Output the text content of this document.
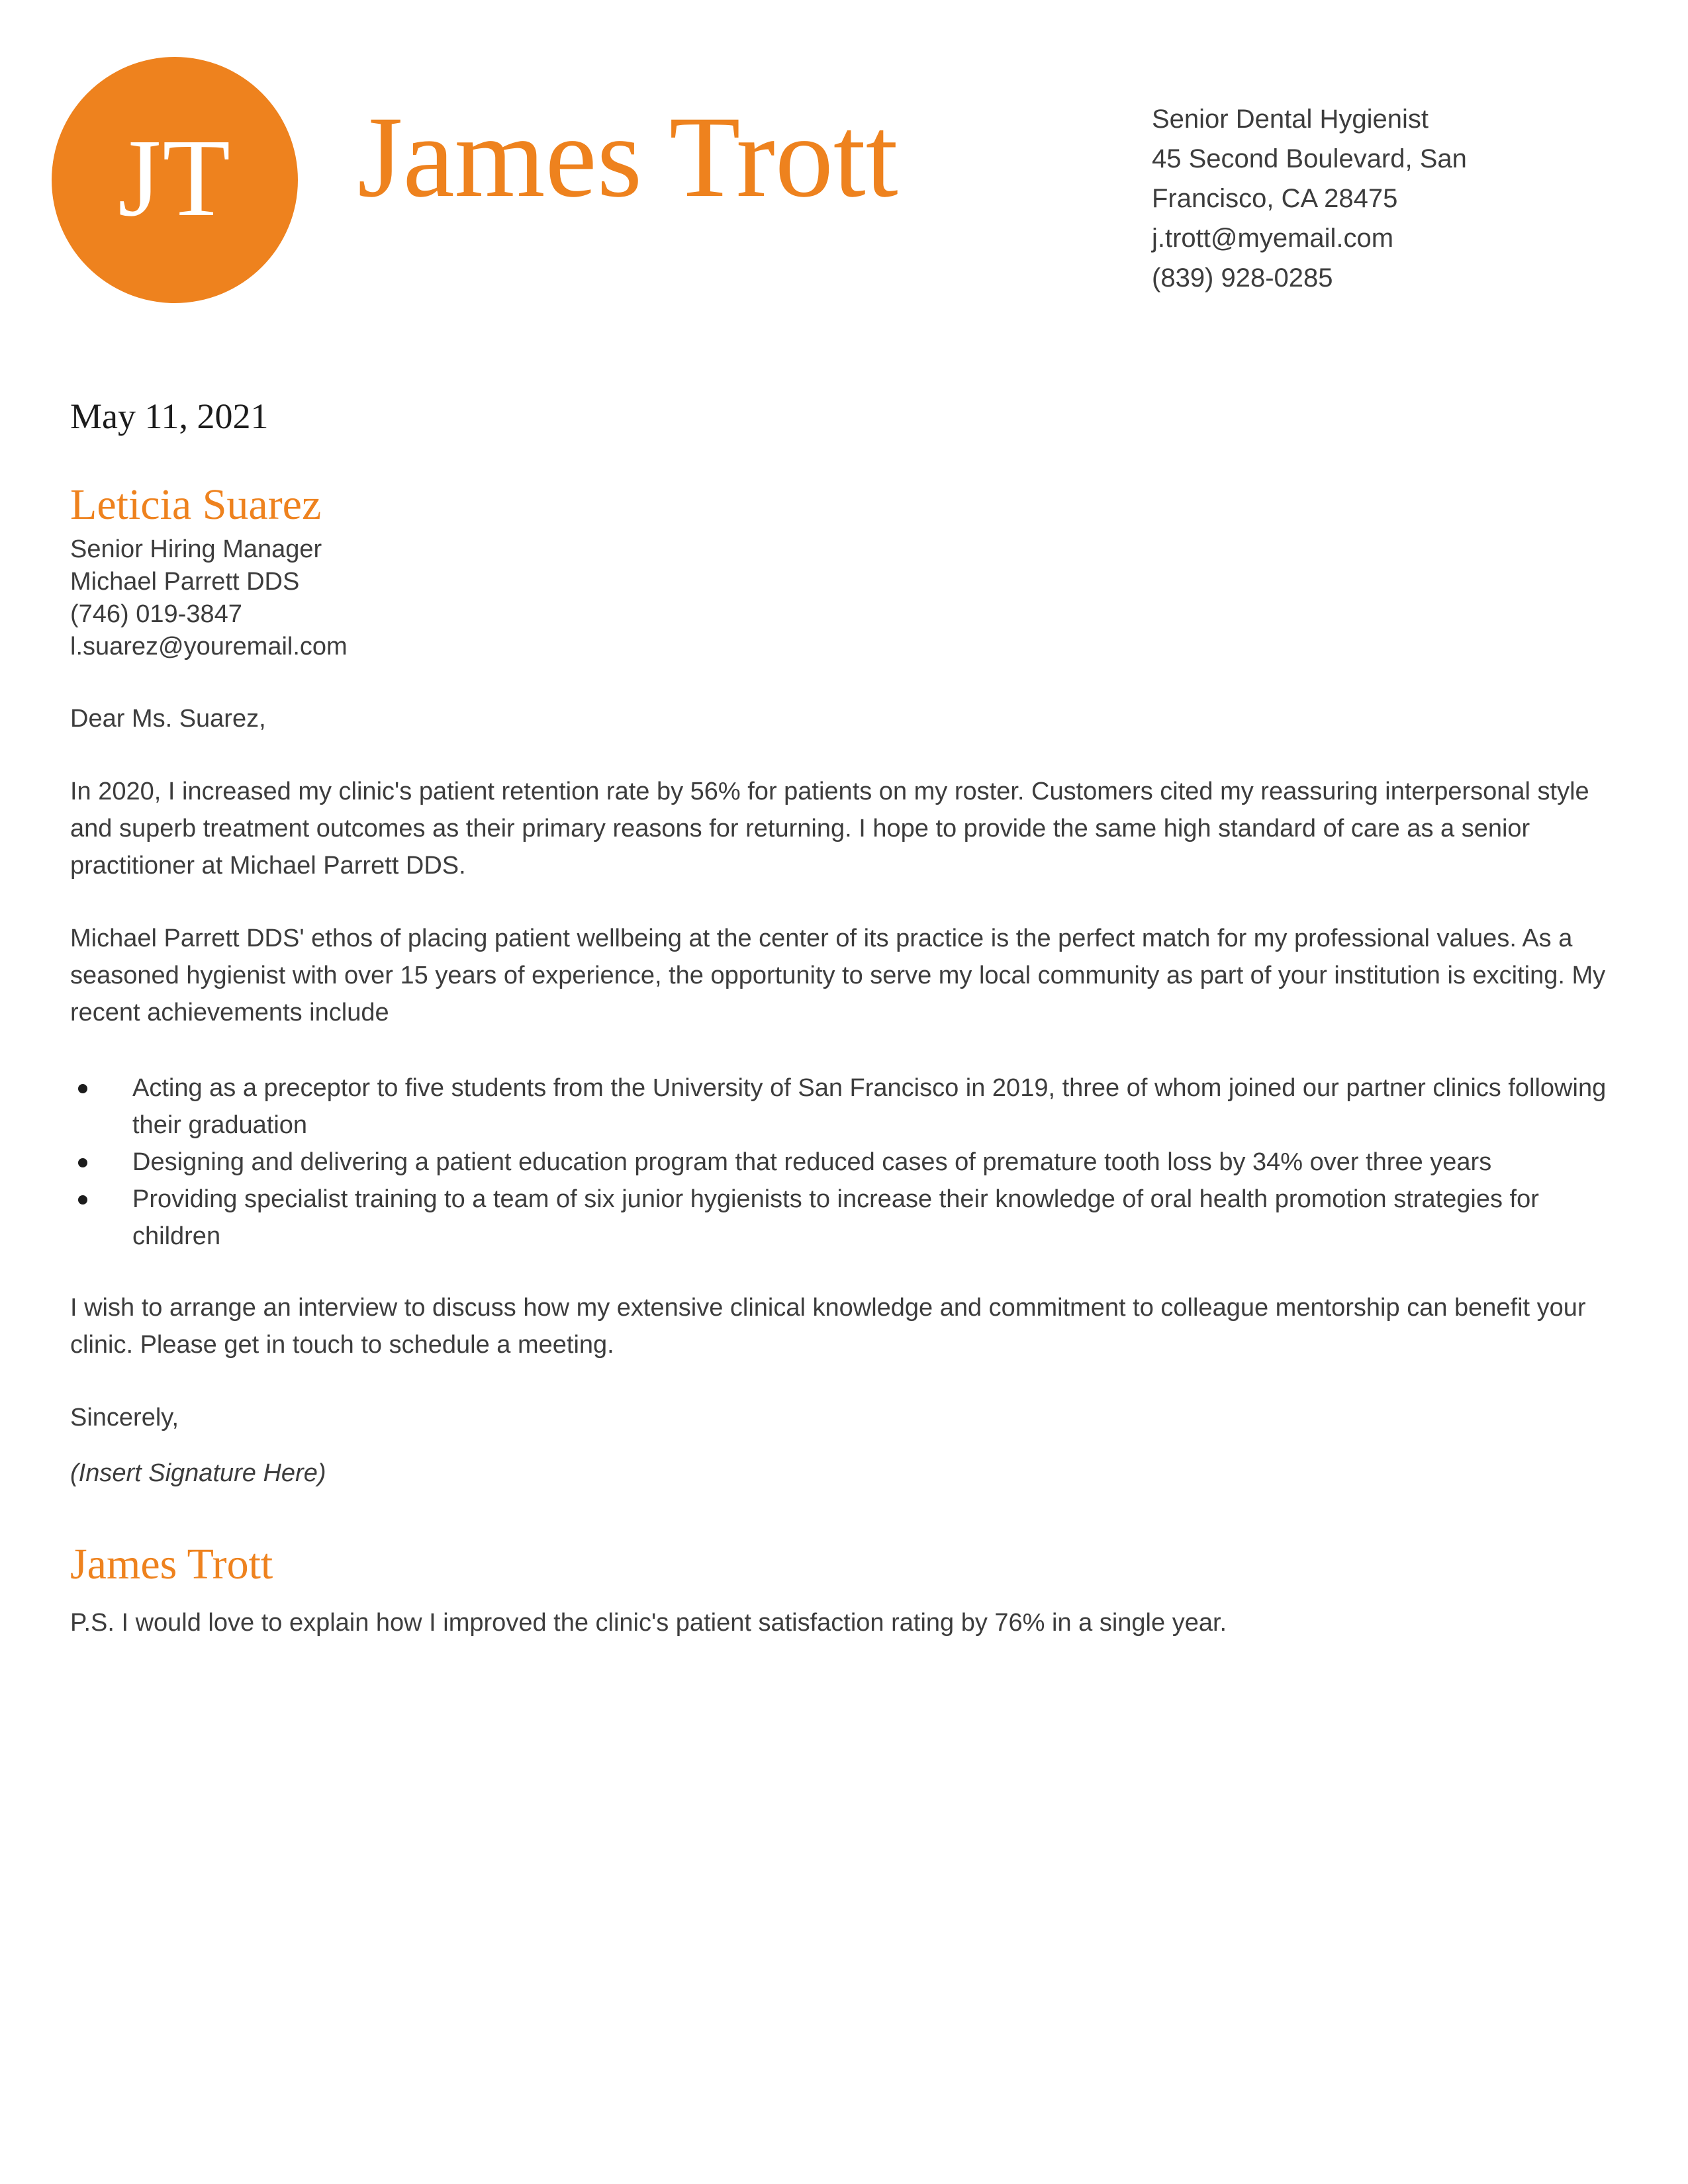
JT James Trott	Senior Dental Hygienist
45 Second Boulevard, San
Francisco, CA 28475
j.trott@myemail.com
(839) 928-0285
May 11, 2021
Leticia Suarez
Senior Hiring Manager
Michael Parrett DDS
(746) 019-3847
l.suarez@youremail.com

Dear Ms. Suarez,

In 2020, I increased my clinic's patient retention rate by 56% for patients on my roster. Customers cited my reassuring interpersonal style and superb treatment outcomes as their primary reasons for returning. I hope to provide the same high standard of care as a senior practitioner at Michael Parrett DDS.

Michael Parrett DDS' ethos of placing patient wellbeing at the center of its practice is the perfect match for my professional values. As a seasoned hygienist with over 15 years of experience, the opportunity to serve my local community as part of your institution is exciting. My recent achievements include

Acting as a preceptor to five students from the University of San Francisco in 2019, three of whom joined our partner clinics following their graduation
Designing and delivering a patient education program that reduced cases of premature tooth loss by 34% over three years
Providing specialist training to a team of six junior hygienists to increase their knowledge of oral health promotion strategies for children

I wish to arrange an interview to discuss how my extensive clinical knowledge and commitment to colleague mentorship can benefit your clinic. Please get in touch to schedule a meeting.

Sincerely,

(Insert Signature Here)

James Trott

P.S. I would love to explain how I improved the clinic's patient satisfaction rating by 76% in a single year.
